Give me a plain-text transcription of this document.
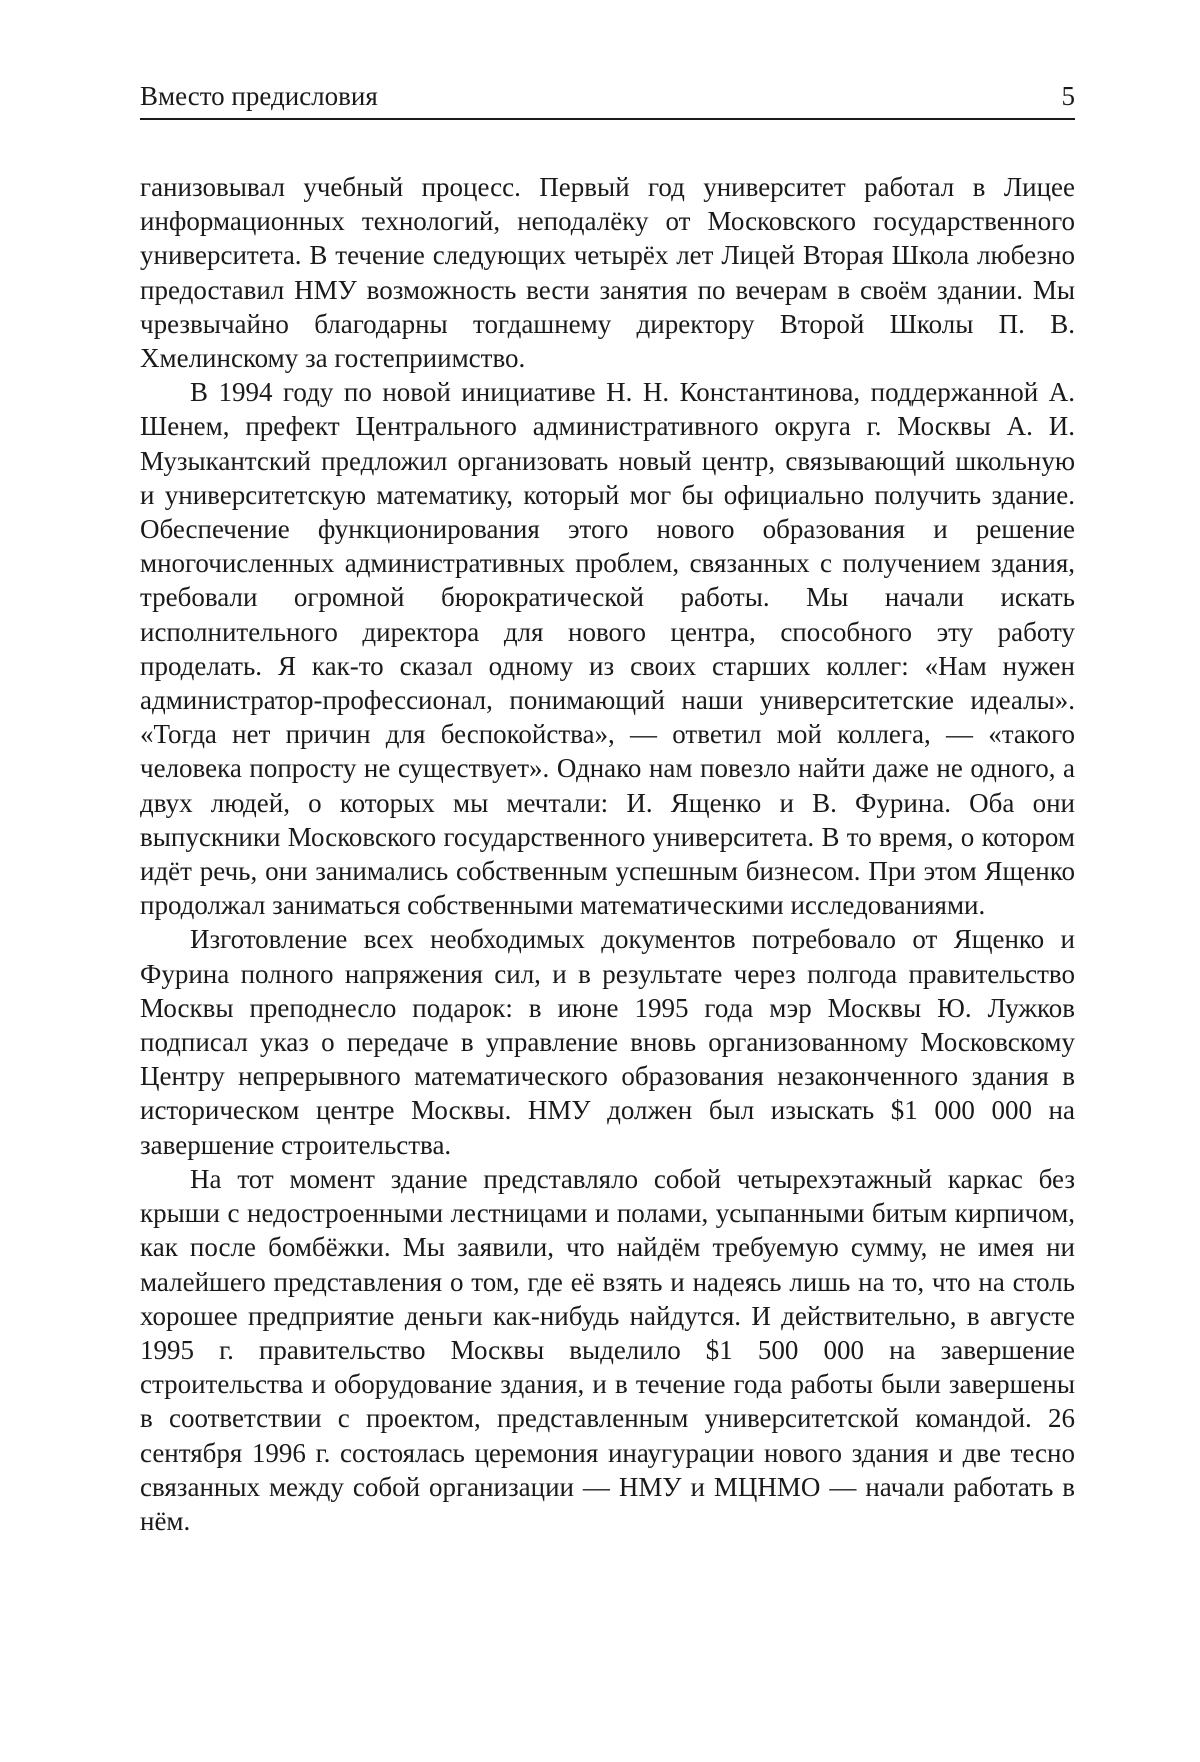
Вместо предисловия	5

ганизовывал учебный процесс. Первый год университет работал в Лицее информационных технологий, неподалёку от Московского государственного университета. В течение следующих четырёх лет Лицей Вторая Школа любезно предоставил НМУ возможность вести занятия по вечерам в своём здании. Мы чрезвычайно благодарны тогдашнему директору Второй Школы П. В. Хмелинскому за гостеприимство.

В 1994 году по новой инициативе Н. Н. Константинова, поддержанной А. Шенем, префект Центрального административного округа г. Москвы А. И. Музыкантский предложил организовать новый центр, связывающий школьную и университетскую математику, который мог бы официально получить здание. Обеспечение функционирования этого нового образования и решение многочисленных административных проблем, связанных с получением здания, требовали огромной бюрократической работы. Мы начали искать исполнительного директора для нового центра, способного эту работу проделать. Я как-то сказал одному из своих старших коллег: «Нам нужен администратор-профессионал, понимающий наши университетские идеалы». «Тогда нет причин для беспокойства», — ответил мой коллега, — «такого человека попросту не существует». Однако нам повезло найти даже не одного, а двух людей, о которых мы мечтали: И. Ященко и В. Фурина. Оба они выпускники Московского государственного университета. В то время, о котором идёт речь, они занимались собственным успешным бизнесом. При этом Ященко продолжал заниматься собственными математическими исследованиями.

Изготовление всех необходимых документов потребовало от Ященко и Фурина полного напряжения сил, и в результате через полгода правительство Москвы преподнесло подарок: в июне 1995 года мэр Москвы Ю. Лужков подписал указ о передаче в управление вновь организованному Московскому Центру непрерывного математического образования незаконченного здания в историческом центре Москвы. НМУ должен был изыскать $1 000 000 на завершение строительства.

На тот момент здание представляло собой четырехэтажный каркас без крыши с недостроенными лестницами и полами, усыпанными битым кирпичом, как после бомбёжки. Мы заявили, что найдём требуемую сумму, не имея ни малейшего представления о том, где её взять и надеясь лишь на то, что на столь хорошее предприятие деньги как-нибудь найдутся. И действительно, в августе 1995 г. правительство Москвы выделило $1 500 000 на завершение строительства и оборудование здания, и в течение года работы были завершены в соответствии с проектом, представленным университетской командой. 26 сентября 1996 г. состоялась церемония инаугурации нового здания и две тесно связанных между собой организации — НМУ и МЦНМО — начали работать в нём.
